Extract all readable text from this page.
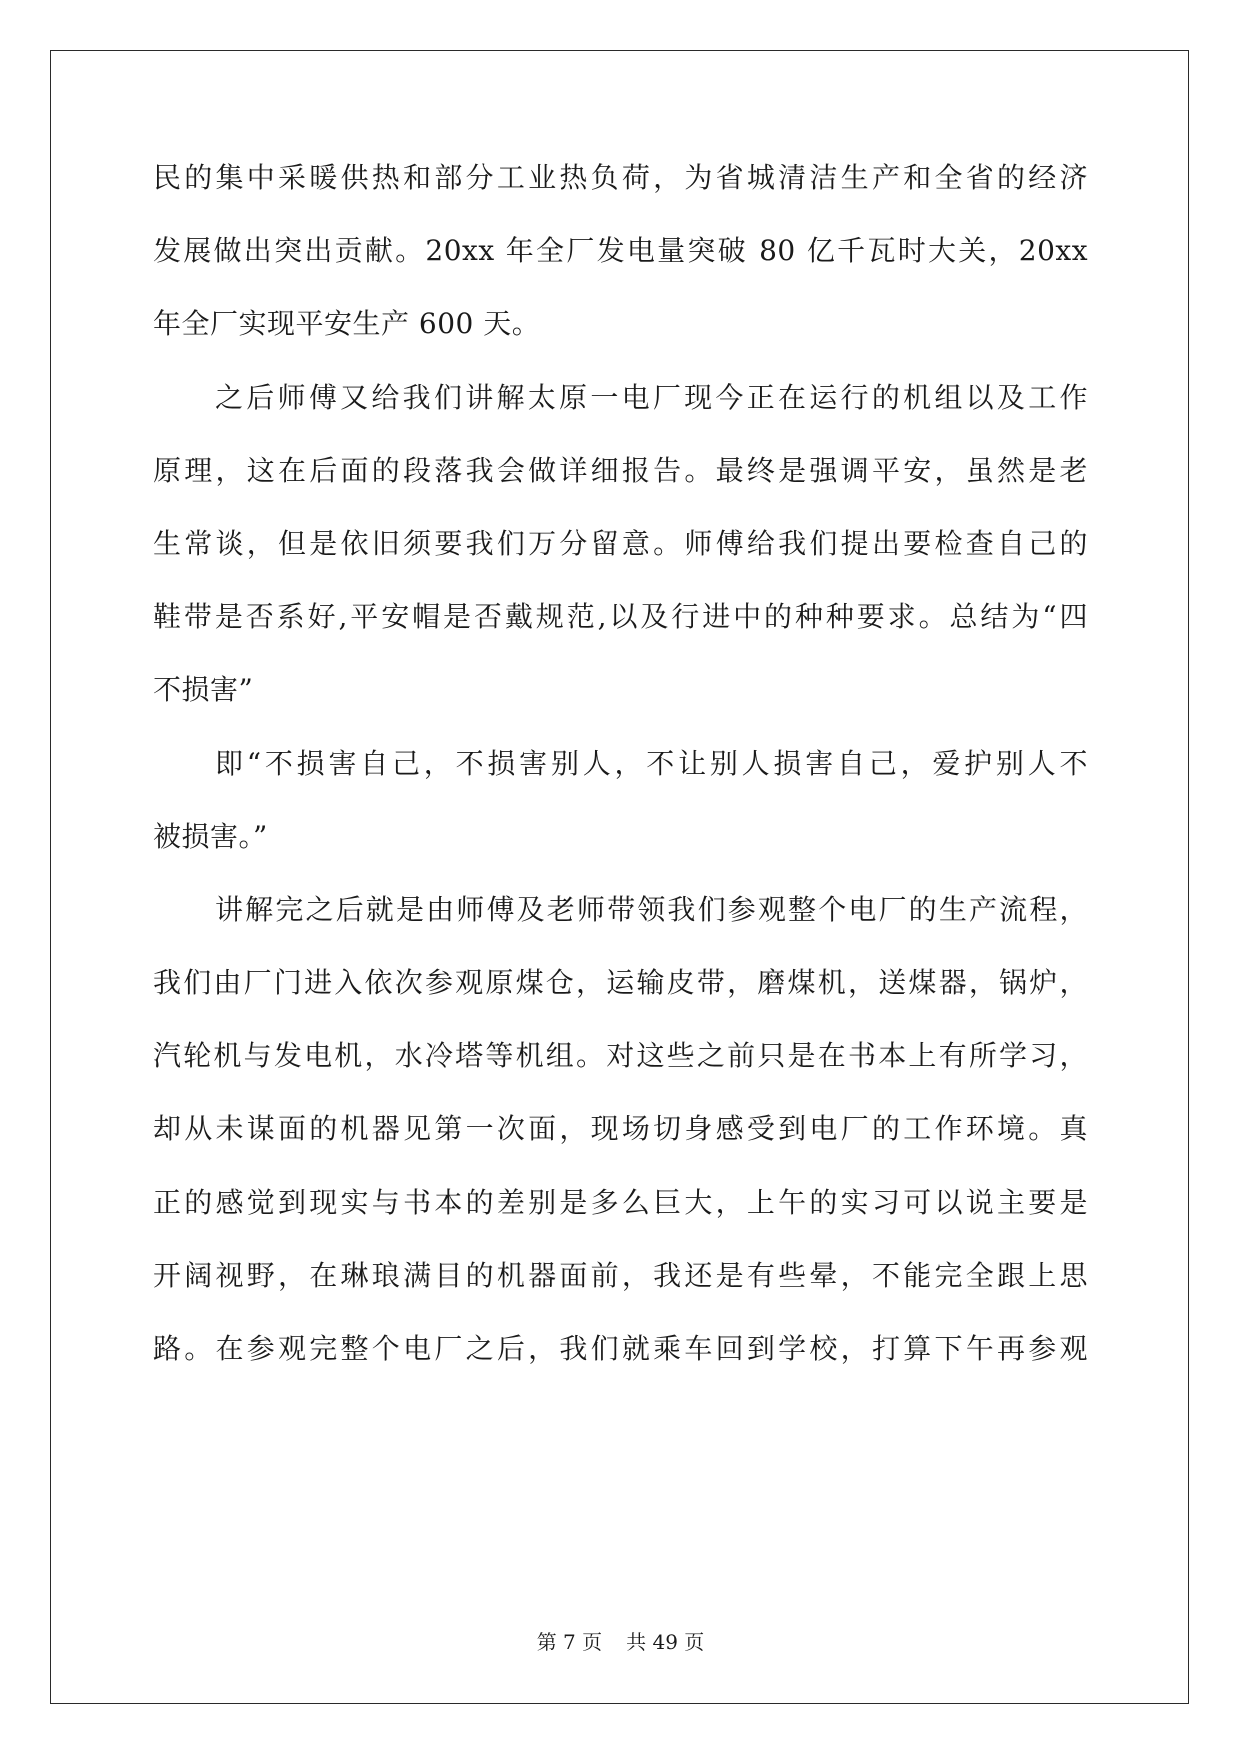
民的集中采暖供热和部分工业热负荷，为省城清洁生产和全省的经济
发展做出突出贡献。20xx 年全厂发电量突破 80 亿千瓦时大关，20xx
年全厂实现平安生产 600 天。
之后师傅又给我们讲解太原一电厂现今正在运行的机组以及工作
原理，这在后面的段落我会做详细报告。最终是强调平安，虽然是老
生常谈，但是依旧须要我们万分留意。师傅给我们提出要检查自己的
鞋带是否系好,平安帽是否戴规范,以及行进中的种种要求。总结为“四
不损害”
即“不损害自己，不损害别人，不让别人损害自己，爱护别人不
被损害。”
讲解完之后就是由师傅及老师带领我们参观整个电厂的生产流程，
我们由厂门进入依次参观原煤仓，运输皮带，磨煤机，送煤器，锅炉，
汽轮机与发电机，水冷塔等机组。对这些之前只是在书本上有所学习，
却从未谋面的机器见第一次面，现场切身感受到电厂的工作环境。真
正的感觉到现实与书本的差别是多么巨大，上午的实习可以说主要是
开阔视野，在琳琅满目的机器面前，我还是有些晕，不能完全跟上思
路。在参观完整个电厂之后，我们就乘车回到学校，打算下午再参观
第 7 页 共 49 页
